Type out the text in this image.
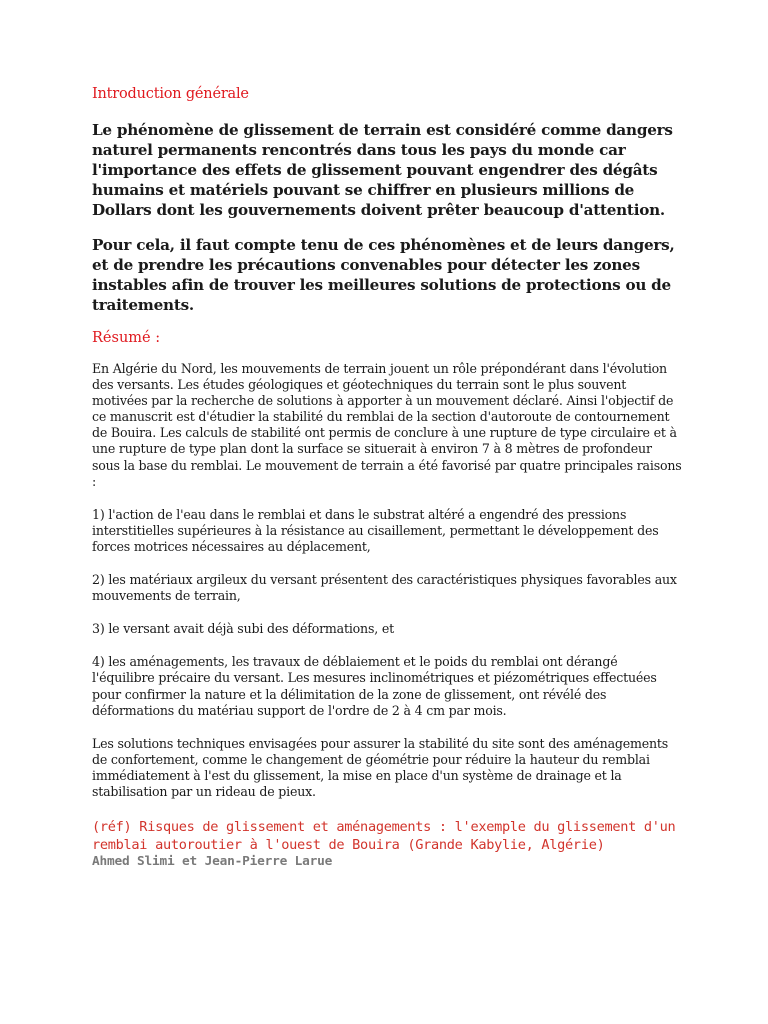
Introduction générale

Le phénomène de glissement de terrain est considéré comme dangers naturel permanents rencontrés dans tous les pays du monde car l'importance des effets de glissement pouvant engendrer des dégâts humains et matériels pouvant se chiffrer en plusieurs millions de Dollars dont les gouvernements doivent prêter beaucoup d'attention.

Pour cela, il faut compte tenu de ces phénomènes et de leurs dangers, et de prendre les précautions convenables pour détecter les zones instables afin de trouver les meilleures solutions de protections ou de traitements.

Résumé :

En Algérie du Nord, les mouvements de terrain jouent un rôle prépondérant dans l'évolution des versants. Les études géologiques et géotechniques du terrain sont le plus souvent motivées par la recherche de solutions à apporter à un mouvement déclaré. Ainsi l'objectif de ce manuscrit est d'étudier la stabilité du remblai de la section d'autoroute de contournement de Bouira. Les calculs de stabilité ont permis de conclure à une rupture de type circulaire et à une rupture de type plan dont la surface se situerait à environ 7 à 8 mètres de profondeur sous la base du remblai. Le mouvement de terrain a été favorisé par quatre principales raisons :

1) l'action de l'eau dans le remblai et dans le substrat altéré a engendré des pressions interstitielles supérieures à la résistance au cisaillement, permettant le développement des forces motrices nécessaires au déplacement,

2) les matériaux argileux du versant présentent des caractéristiques physiques favorables aux mouvements de terrain,

3) le versant avait déjà subi des déformations, et

4) les aménagements, les travaux de déblaiement et le poids du remblai ont dérangé l'équilibre précaire du versant. Les mesures inclinométriques et piézométriques effectuées pour confirmer la nature et la délimitation de la zone de glissement, ont révélé des déformations du matériau support de l'ordre de 2 à 4 cm par mois.

Les solutions techniques envisagées pour assurer la stabilité du site sont des aménagements de confortement, comme le changement de géométrie pour réduire la hauteur du remblai immédiatement à l'est du glissement, la mise en place d'un système de drainage et la stabilisation par un rideau de pieux.

(réf) Risques de glissement et aménagements : l'exemple du glissement d'un remblai autoroutier à l'ouest de Bouira (Grande Kabylie, Algérie)

Ahmed Slimi et Jean-Pierre Larue
